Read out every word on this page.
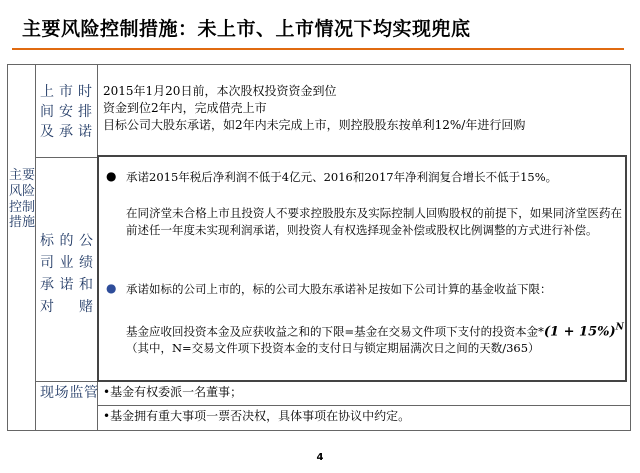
主要风险控制措施：未上市、上市情况下均实现兜底
主要风险控制措施
上市时间安排及承诺
2015年1月20日前，本次股权投资资金到位
资金到位2年内，完成借壳上市
目标公司大股东承诺，如2年内未完成上市，则控股股东按单利12%/年进行回购
标的公司业绩承诺和对赌
● 承诺2015年税后净利润不低于4亿元、2016和2017年净利润复合增长不低于15%。
在同济堂未合格上市且投资人不要求控股股东及实际控制人回购股权的前提下，如果同济堂医药在前述任一年度未实现利润承诺，则投资人有权选择现金补偿或股权比例调整的方式进行补偿。
● 承诺如标的公司上市的，标的公司大股东承诺补足按如下公司计算的基金收益下限：
基金应收回投资本金及应获收益之和的下限=基金在交易文件项下支付的投资本金$*(1 + 15\%)^N$（其中，N=交易文件项下投资本金的支付日与锁定期届满次日之间的天数/365）
现场监管 •基金有权委派一名董事；
•基金拥有重大事项一票否决权，具体事项在协议中约定。
4
